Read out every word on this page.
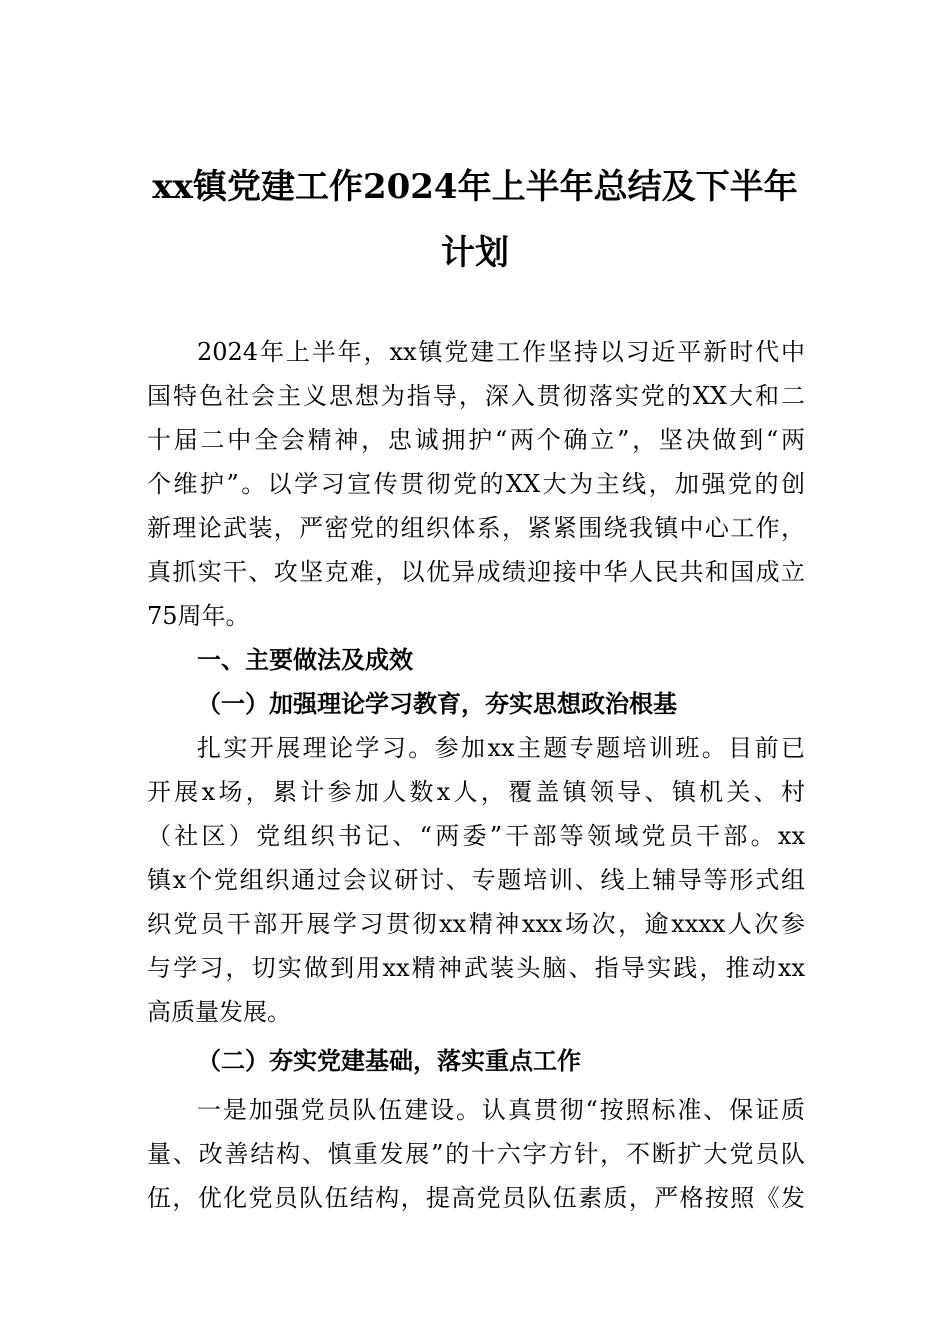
xx镇党建工作2024年上半年总结及下半年
计划
2024年上半年，xx镇党建工作坚持以习近平新时代中
国特色社会主义思想为指导，深入贯彻落实党的XX大和二
十届二中全会精神，忠诚拥护“两个确立”，坚决做到“两
个维护”。以学习宣传贯彻党的XX大为主线，加强党的创
新理论武装，严密党的组织体系，紧紧围绕我镇中心工作，
真抓实干、攻坚克难，以优异成绩迎接中华人民共和国成立
75周年。
一、主要做法及成效
（一）加强理论学习教育，夯实思想政治根基
扎实开展理论学习。参加xx主题专题培训班。目前已
开展x场，累计参加人数x人，覆盖镇领导、镇机关、村
（社区）党组织书记、“两委”干部等领域党员干部。xx
镇x个党组织通过会议研讨、专题培训、线上辅导等形式组
织党员干部开展学习贯彻xx精神xxx场次，逾xxxx人次参
与学习，切实做到用xx精神武装头脑、指导实践，推动xx
高质量发展。
（二）夯实党建基础，落实重点工作
一是加强党员队伍建设。认真贯彻“按照标准、保证质
量、改善结构、慎重发展”的十六字方针，不断扩大党员队
伍，优化党员队伍结构，提高党员队伍素质，严格按照《发
